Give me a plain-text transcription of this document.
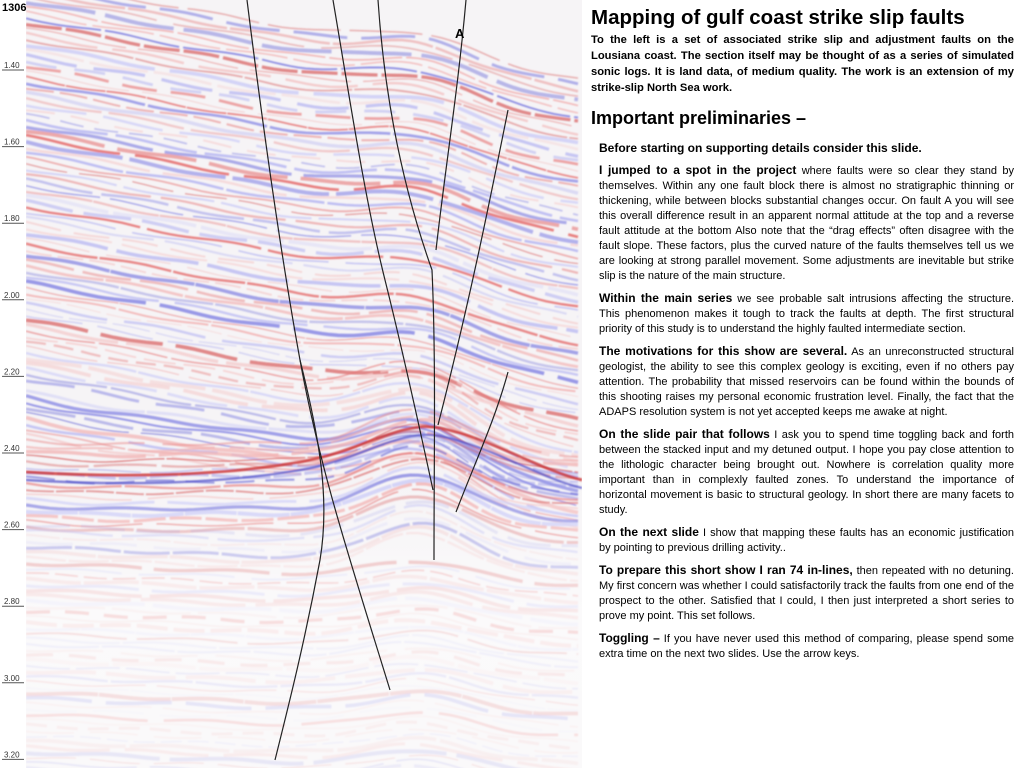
1.40
1.60
1.80
2.00
2.20
2.40
2.60
2.80
3.00
3.20
1306
A
Mapping of gulf coast strike slip faults

To the left is a set of associated strike slip and adjustment faults on the Lousiana coast. The section itself may be thought of as a series of simulated sonic logs. It is land data, of medium quality. The work is an extension of my strike-slip North Sea work.

Important preliminaries –

Before starting on supporting details consider this slide.

I jumped to a spot in the project where faults were so clear they stand by themselves. Within any one fault block there is almost no stratigraphic thinning or thickening, while between blocks substantial changes occur. On fault A you will see this overall difference result in an apparent normal attitude at the top and a reverse fault attitude at the bottom Also note that the “drag effects” often disagree with the fault slope. These factors, plus the curved nature of the faults themselves tell us we are looking at strong parallel movement. Some adjustments are inevitable but strike slip is the nature of the main structure.

Within the main series we see probable salt intrusions affecting the structure. This phenomenon makes it tough to track the faults at depth. The first structural priority of this study is to understand the highly faulted intermediate section.

The motivations for this show are several. As an unreconstructed structural geologist, the ability to see this complex geology is exciting, even if no others pay attention. The probability that missed reservoirs can be found within the bounds of this shooting raises my personal economic frustration level. Finally, the fact that the ADAPS resolution system is not yet accepted keeps me awake at night.

On the slide pair that follows I ask you to spend time toggling back and forth between the stacked input and my detuned output. I hope you pay close attention to the lithologic character being brought out. Nowhere is correlation quality more important than in complexly faulted zones. To understand the importance of horizontal movement is basic to structural geology. In short there are many facets to study.

On the next slide I show that mapping these faults has an economic justification by pointing to previous drilling activity..

To prepare this short show I ran 74 in-lines, then repeated with no detuning. My first concern was whether I could satisfactorily track the faults from one end of the prospect to the other. Satisfied that I could, I then just interpreted a short series to prove my point. This set follows.

Toggling – If you have never used this method of comparing, please spend some extra time on the next two slides. Use the arrow keys.
